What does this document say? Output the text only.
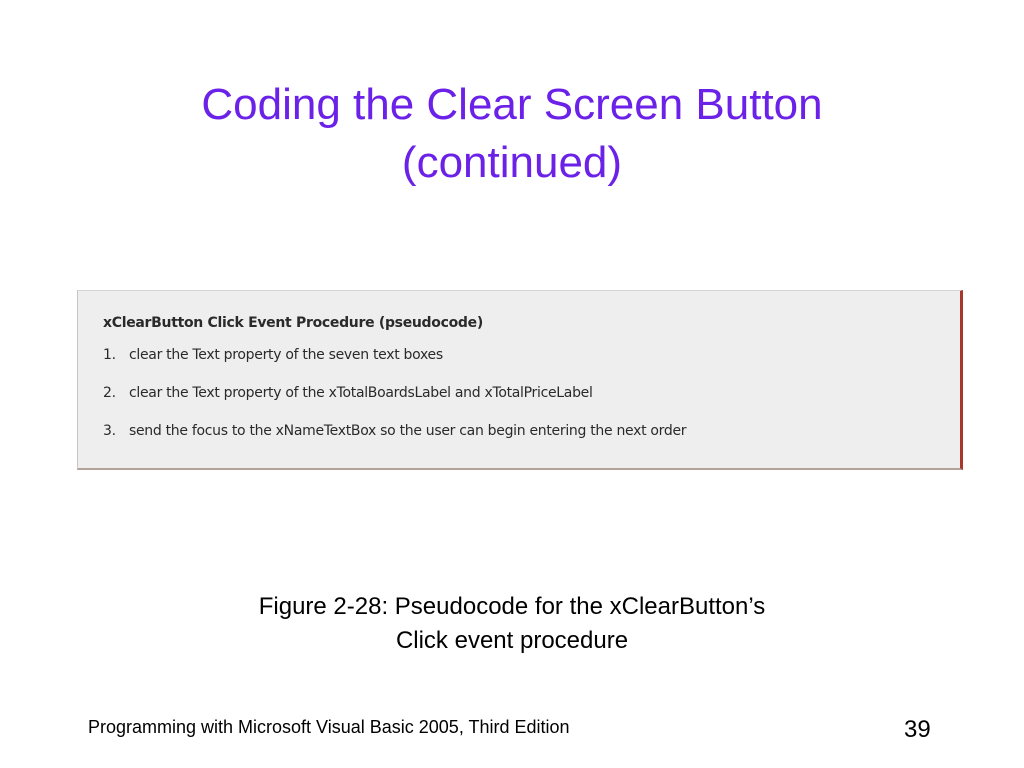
Coding the Clear Screen Button
(continued)
xClearButton Click Event Procedure (pseudocode)
1. clear the Text property of the seven text boxes
2. clear the Text property of the xTotalBoardsLabel and xTotalPriceLabel
3. send the focus to the xNameTextBox so the user can begin entering the next order
Figure 2-28: Pseudocode for the xClearButton’s
Click event procedure
Programming with Microsoft Visual Basic 2005, Third Edition	39
